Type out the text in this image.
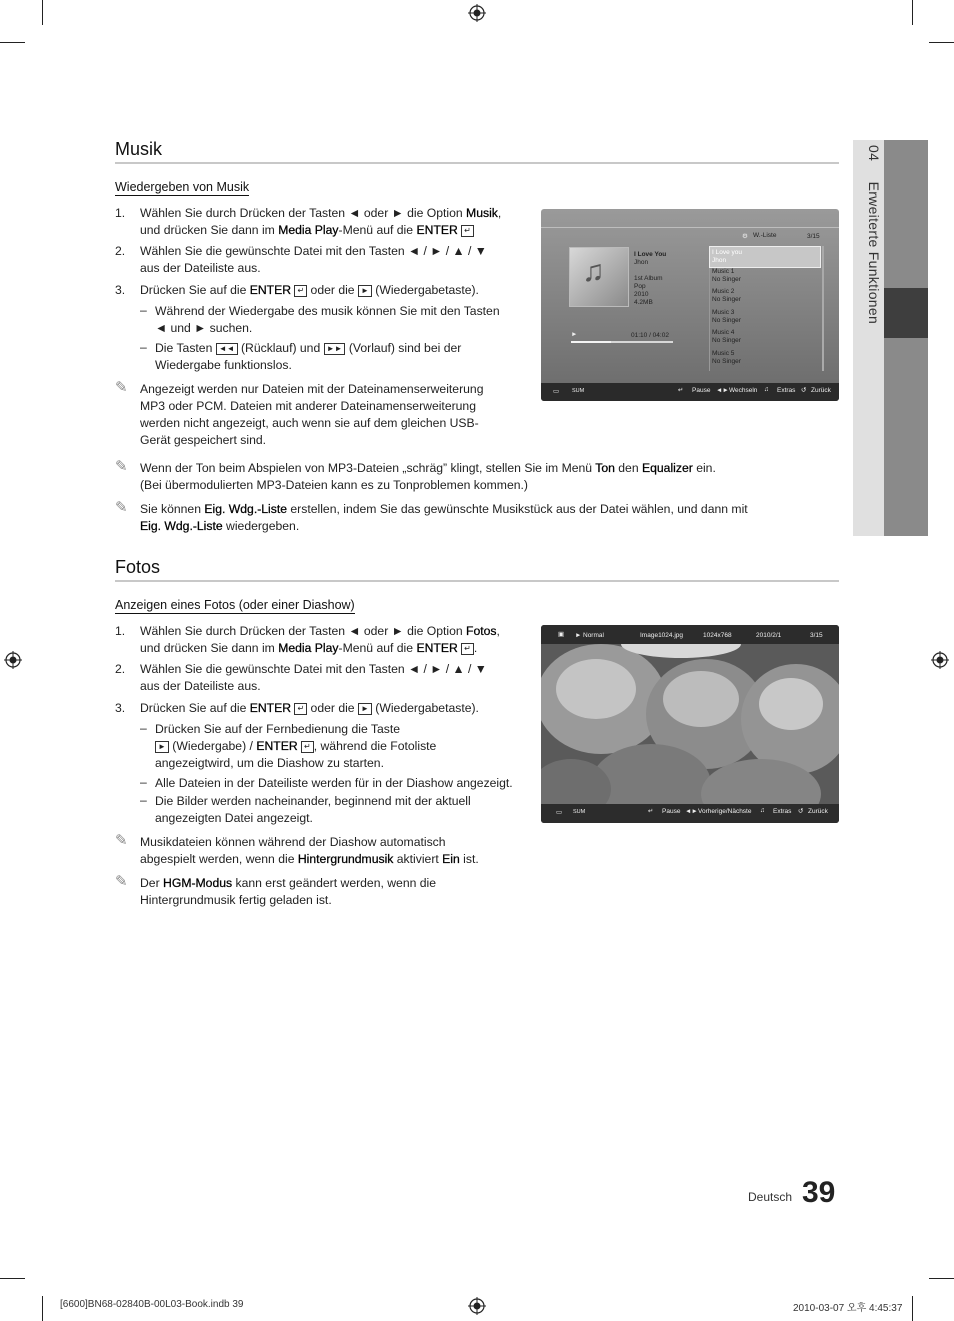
04  Erweiterte Funktionen
Musik
Wiedergeben von Musik
1. Wählen Sie durch Drücken der Tasten ◄ oder ► die Option Musik,
und drücken Sie dann im Media Play-Menü auf die ENTER ↵
2. Wählen Sie die gewünschte Datei mit den Tasten ◄ / ► / ▲ / ▼
aus der Dateiliste aus.
3. Drücken Sie auf die ENTER ↵ oder die ► (Wiedergabetaste).
– Während der Wiedergabe des musik können Sie mit den Tasten
◄ und ► suchen.
– Die Tasten ◄◄ (Rücklauf) und ►► (Vorlauf) sind bei der
Wiedergabe funktionslos.
✎ Angezeigt werden nur Dateien mit der Dateinamenserweiterung
MP3 oder PCM. Dateien mit anderer Dateinamenserweiterung
werden nicht angezeigt, auch wenn sie auf dem gleichen USB-
Gerät gespeichert sind.
✎ Wenn der Ton beim Abspielen von MP3-Dateien „schräg” klingt, stellen Sie im Menü Ton den Equalizer ein.
(Bei übermodulierten MP3-Dateien kann es zu Tonproblemen kommen.)
✎ Sie können Eig. Wdg.-Liste erstellen, indem Sie das gewünschte Musikstück aus der Datei wählen, und dann mit
Eig. Wdg.-Liste wiedergeben.
⚙ W.-Liste	3/15
♫
I Love You
Jhon
1st Album
Pop
2010
4.2MB
►	01:10 / 04:02
I Love you
Jhon
Music 1
No Singer
Music 2
No Singer
Music 3
No Singer
Music 4
No Singer
Music 5
No Singer
▭ SUM	↵ Pause ◄► Wechseln ♫ Extras ↺ Zurück
Fotos
Anzeigen eines Fotos (oder einer Diashow)
1. Wählen Sie durch Drücken der Tasten ◄ oder ► die Option Fotos,
und drücken Sie dann im Media Play-Menü auf die ENTER ↵ .
2. Wählen Sie die gewünschte Datei mit den Tasten ◄ / ► / ▲ / ▼
aus der Dateiliste aus.
3. Drücken Sie auf die ENTER ↵ oder die ► (Wiedergabetaste).
– Drücken Sie auf der Fernbedienung die Taste
► (Wiedergabe) / ENTER ↵ , während die Fotoliste
angezeigtwird, um die Diashow zu starten.
– Alle Dateien in der Dateiliste werden für in der Diashow angezeigt.
– Die Bilder werden nacheinander, beginnend mit der aktuell
angezeigten Datei angezeigt.
✎ Musikdateien können während der Diashow automatisch
abgespielt werden, wenn die Hintergrundmusik aktiviert Ein ist.
✎ Der HGM-Modus kann erst geändert werden, wenn die
Hintergrundmusik fertig geladen ist.
▣ ► Normal	Image1024.jpg	1024x768	2010/2/1	3/15
▭ SUM	↵ Pause ◄► Vorherige/Nächste ♫ Extras ↺ Zurück
Deutsch 39
[6600]BN68-02840B-00L03-Book.indb 39	2010-03-07 오후 4:45:37
